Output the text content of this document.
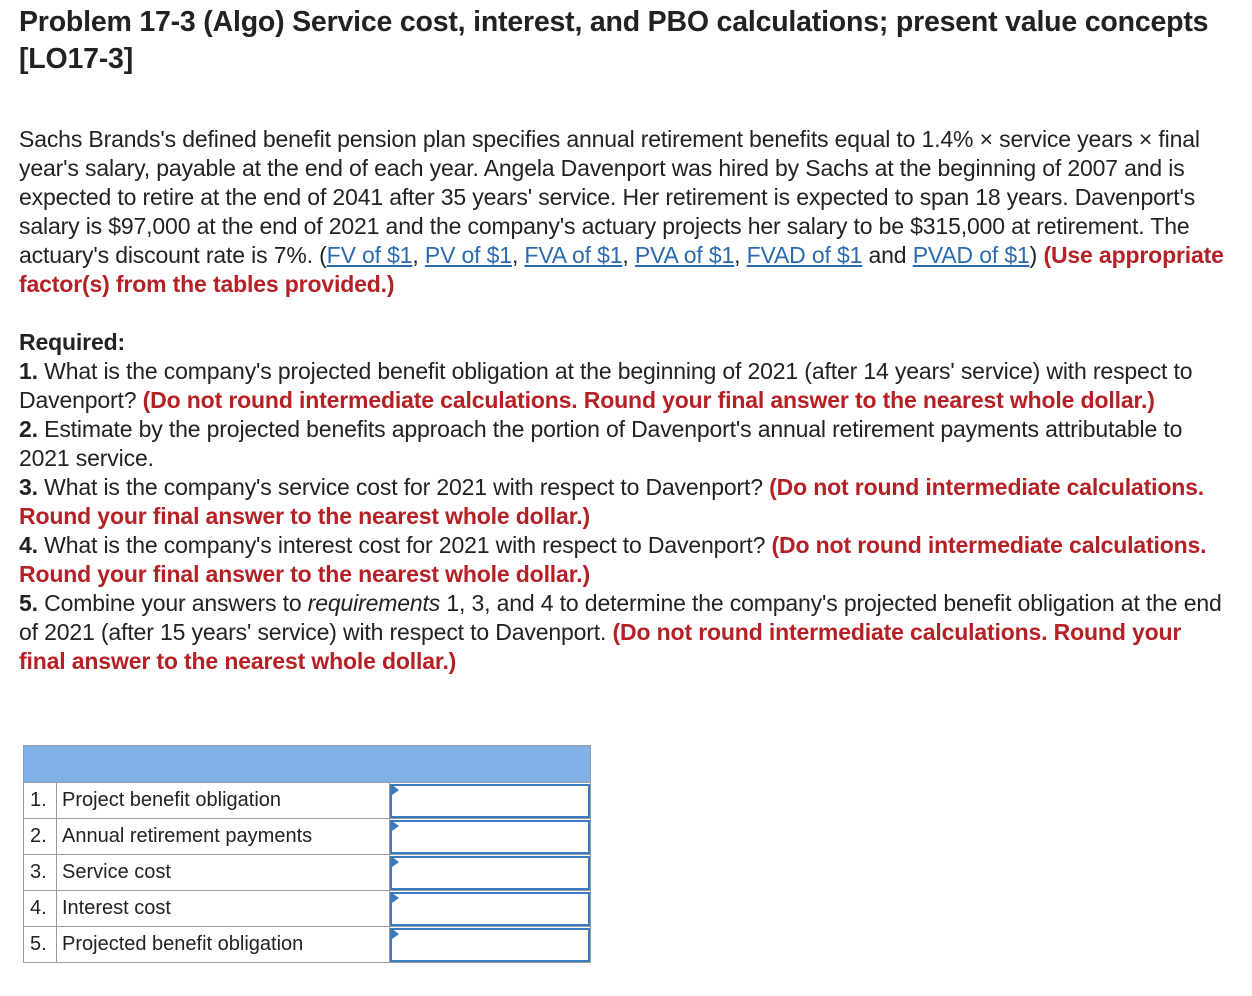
Problem 17-3 (Algo) Service cost, interest, and PBO calculations; present value concepts [LO17-3]
Sachs Brands's defined benefit pension plan specifies annual retirement benefits equal to 1.4% × service years × final year's salary, payable at the end of each year. Angela Davenport was hired by Sachs at the beginning of 2007 and is expected to retire at the end of 2041 after 35 years' service. Her retirement is expected to span 18 years. Davenport's salary is $97,000 at the end of 2021 and the company's actuary projects her salary to be $315,000 at retirement. The actuary's discount rate is 7%. (FV of $1, PV of $1, FVA of $1, PVA of $1, FVAD of $1 and PVAD of $1) (Use appropriate factor(s) from the tables provided.)
Required:
1. What is the company's projected benefit obligation at the beginning of 2021 (after 14 years' service) with respect to Davenport? (Do not round intermediate calculations. Round your final answer to the nearest whole dollar.)
2. Estimate by the projected benefits approach the portion of Davenport's annual retirement payments attributable to 2021 service.
3. What is the company's service cost for 2021 with respect to Davenport? (Do not round intermediate calculations. Round your final answer to the nearest whole dollar.)
4. What is the company's interest cost for 2021 with respect to Davenport? (Do not round intermediate calculations. Round your final answer to the nearest whole dollar.)
5. Combine your answers to requirements 1, 3, and 4 to determine the company's projected benefit obligation at the end of 2021 (after 15 years' service) with respect to Davenport. (Do not round intermediate calculations. Round your final answer to the nearest whole dollar.)

1.	Project benefit obligation	

2.	Annual retirement payments	

3.	Service cost	

4.	Interest cost	

5.	Projected benefit obligation	
